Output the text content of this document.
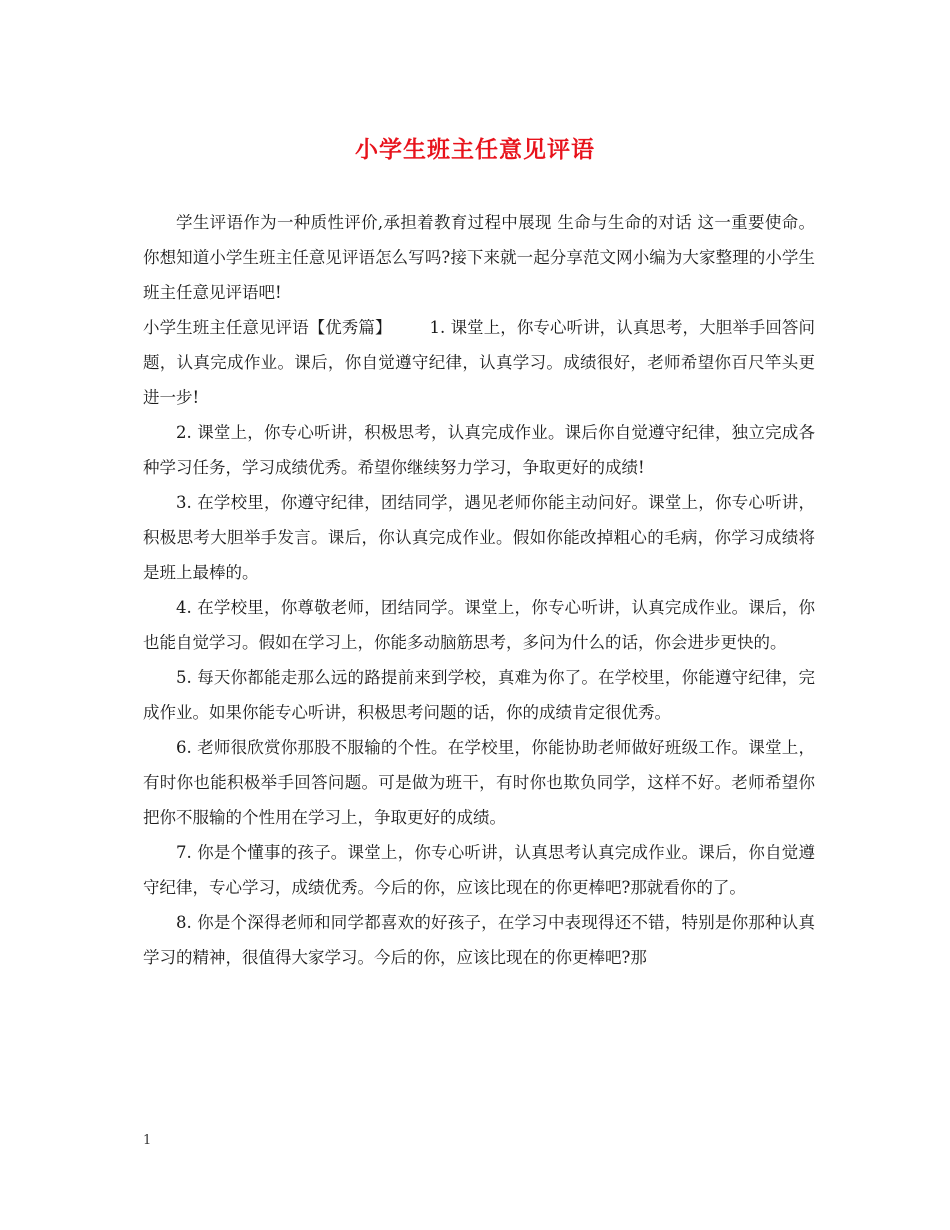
小学生班主任意见评语

学生评语作为一种质性评价,承担着教育过程中展现 生命与生命的对话 这一重要使命。你想知道小学生班主任意见评语怎么写吗?接下来就一起分享范文网小编为大家整理的小学生班主任意见评语吧!

小学生班主任意见评语【优秀篇】 1. 课堂上，你专心听讲，认真思考，大胆举手回答问题，认真完成作业。课后，你自觉遵守纪律，认真学习。成绩很好，老师希望你百尺竿头更进一步!

2. 课堂上，你专心听讲，积极思考，认真完成作业。课后你自觉遵守纪律，独立完成各种学习任务，学习成绩优秀。希望你继续努力学习，争取更好的成绩!

3. 在学校里，你遵守纪律，团结同学，遇见老师你能主动问好。课堂上，你专心听讲，积极思考大胆举手发言。课后，你认真完成作业。假如你能改掉粗心的毛病，你学习成绩将是班上最棒的。

4. 在学校里，你尊敬老师，团结同学。课堂上，你专心听讲，认真完成作业。课后，你也能自觉学习。假如在学习上，你能多动脑筋思考，多问为什么的话，你会进步更快的。

5. 每天你都能走那么远的路提前来到学校，真难为你了。在学校里，你能遵守纪律，完成作业。如果你能专心听讲，积极思考问题的话，你的成绩肯定很优秀。

6. 老师很欣赏你那股不服输的个性。在学校里，你能协助老师做好班级工作。课堂上，有时你也能积极举手回答问题。可是做为班干，有时你也欺负同学，这样不好。老师希望你把你不服输的个性用在学习上，争取更好的成绩。

7. 你是个懂事的孩子。课堂上，你专心听讲，认真思考认真完成作业。课后，你自觉遵守纪律，专心学习，成绩优秀。今后的你，应该比现在的你更棒吧?那就看你的了。

8. 你是个深得老师和同学都喜欢的好孩子，在学习中表现得还不错，特别是你那种认真学习的精神，很值得大家学习。今后的你，应该比现在的你更棒吧?那

1
